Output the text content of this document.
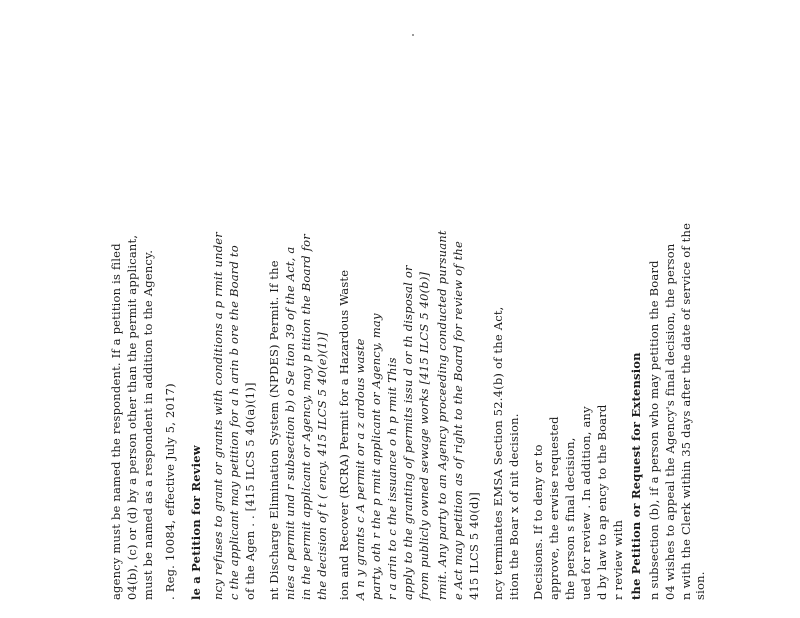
agency must be named the respondent. If a petition is filed 04(b), (c) or (d) by a person other than the permit applicant, must be named as a respondent in addition to the Agency. . Reg. 10084, effective July 5, 2017) le a Petition for Review ncy refuses to grant or grants with conditions a p rmit under c the applicant may petition for a h arin b ore the Board to of the Agen . . [415 ILCS 5 40(a)(1)] nt Discharge Elimination System (NPDES) Permit. If the nies a permit und r subsection b) o Se tion 39 of the Act, a in the permit applicant or Agency, may p tition the Board for the decision of t ( ency. 415 ILCS 5 40(e)(1)] ion and Recover (RCRA) Permit for a Hazardous Waste A n y grants c A permit or a z ardous waste party, oth r the p rmit applicant or Agency, may r a arin to c the issuance o h p rmit This apply to the granting of permits issu d or th disposal or from publicly owned sewage works [415 ILCS 5 40(b)] rmit. Any party to an Agency proceeding conducted pursuant e Act may petition as of right to the Board for review of the 415 ILCS 5 40(d)] ncy terminates EMSA Section 52.4(b) of the Act, ition the Boar x of nit decision. Decisions. If to deny or to approve, the erwise requested the person s final decision, ued for review . In addition, any d by law to ap ency to the Board r review with the Petition or Request for Extension n subsection (b), if a person who may petition the Board 04 wishes to appeal the Agency's final decision, the person n with the Clerk within 35 days after the date of service of the sion.
